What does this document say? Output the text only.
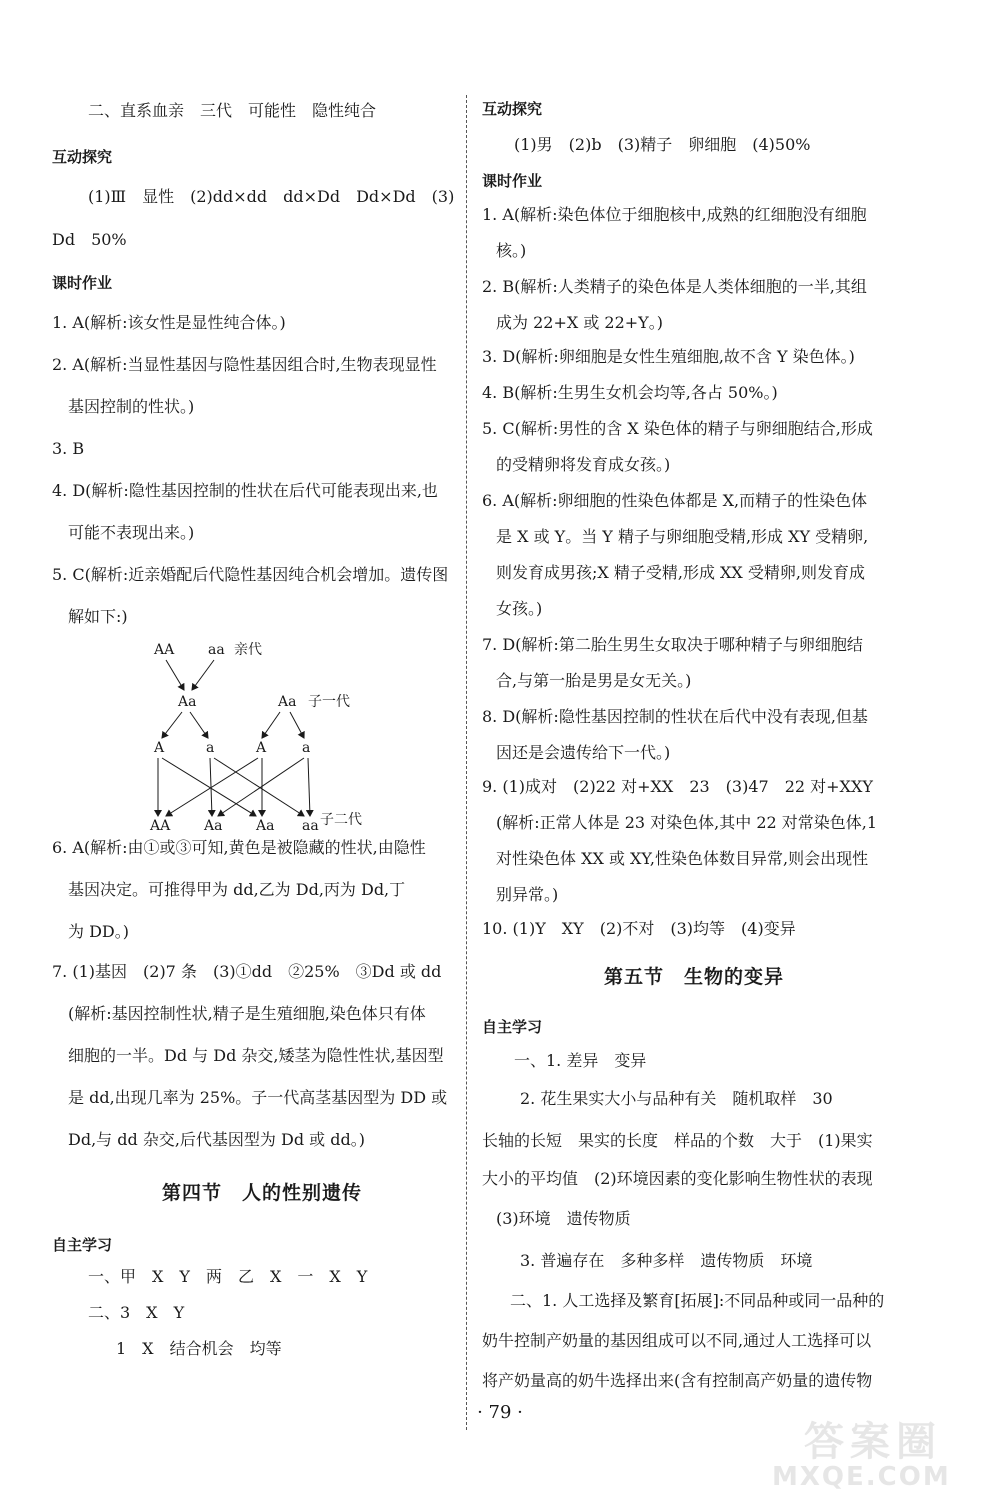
二、直系血亲　三代　可能性　隐性纯合
互动探究
(1)Ⅲ　显性　(2)dd×dd　dd×Dd　Dd×Dd　(3)
Dd　50%
课时作业
1. A(解析:该女性是显性纯合体。)
2. A(解析:当显性基因与隐性基因组合时,生物表现显性
基因控制的性状。)
3. B
4. D(解析:隐性基因控制的性状在后代可能表现出来,也
可能不表现出来。)
5. C(解析:近亲婚配后代隐性基因纯合机会增加。遗传图
解如下:)
AA aa 亲代
Aa	Aa 子一代
A	a	A	a
AA Aa Aa aa 子二代
6. A(解析:由①或③可知,黄色是被隐藏的性状,由隐性
基因决定。可推得甲为 dd,乙为 Dd,丙为 Dd,丁
为 DD。)
7. (1)基因　(2)7 条　(3)①dd　②25%　③Dd 或 dd
(解析:基因控制性状,精子是生殖细胞,染色体只有体
细胞的一半。Dd 与 Dd 杂交,矮茎为隐性性状,基因型
是 dd,出现几率为 25%。子一代高茎基因型为 DD 或
Dd,与 dd 杂交,后代基因型为 Dd 或 dd。)
第四节　人的性别遗传
自主学习
一、甲　X　Y　两　乙　X　一　X　Y
二、3　X　Y
1　X　结合机会　均等
互动探究
(1)男　(2)b　(3)精子　卵细胞　(4)50%
课时作业
1. A(解析:染色体位于细胞核中,成熟的红细胞没有细胞
核。)
2. B(解析:人类精子的染色体是人类体细胞的一半,其组
成为 22+X 或 22+Y。)
3. D(解析:卵细胞是女性生殖细胞,故不含 Y 染色体。)
4. B(解析:生男生女机会均等,各占 50%。)
5. C(解析:男性的含 X 染色体的精子与卵细胞结合,形成
的受精卵将发育成女孩。)
6. A(解析:卵细胞的性染色体都是 X,而精子的性染色体
是 X 或 Y。当 Y 精子与卵细胞受精,形成 XY 受精卵,
则发育成男孩;X 精子受精,形成 XX 受精卵,则发育成
女孩。)
7. D(解析:第二胎生男生女取决于哪种精子与卵细胞结
合,与第一胎是男是女无关。)
8. D(解析:隐性基因控制的性状在后代中没有表现,但基
因还是会遗传给下一代。)
9. (1)成对　(2)22 对+XX　23　(3)47　22 对+XXY
(解析:正常人体是 23 对染色体,其中 22 对常染色体,1
对性染色体 XX 或 XY,性染色体数目异常,则会出现性
别异常。)
10. (1)Y　XY　(2)不对　(3)均等　(4)变异
第五节　生物的变异
自主学习
一、1. 差异　变异
2. 花生果实大小与品种有关　随机取样　30
长轴的长短　果实的长度　样品的个数　大于　(1)果实
大小的平均值　(2)环境因素的变化影响生物性状的表现
(3)环境　遗传物质
3. 普遍存在　多种多样　遗传物质　环境
二、1. 人工选择及繁育[拓展]:不同品种或同一品种的
奶牛控制产奶量的基因组成可以不同,通过人工选择可以
将产奶量高的奶牛选择出来(含有控制高产奶量的遗传物
· 79 ·
答案圈
MXQE.COM
